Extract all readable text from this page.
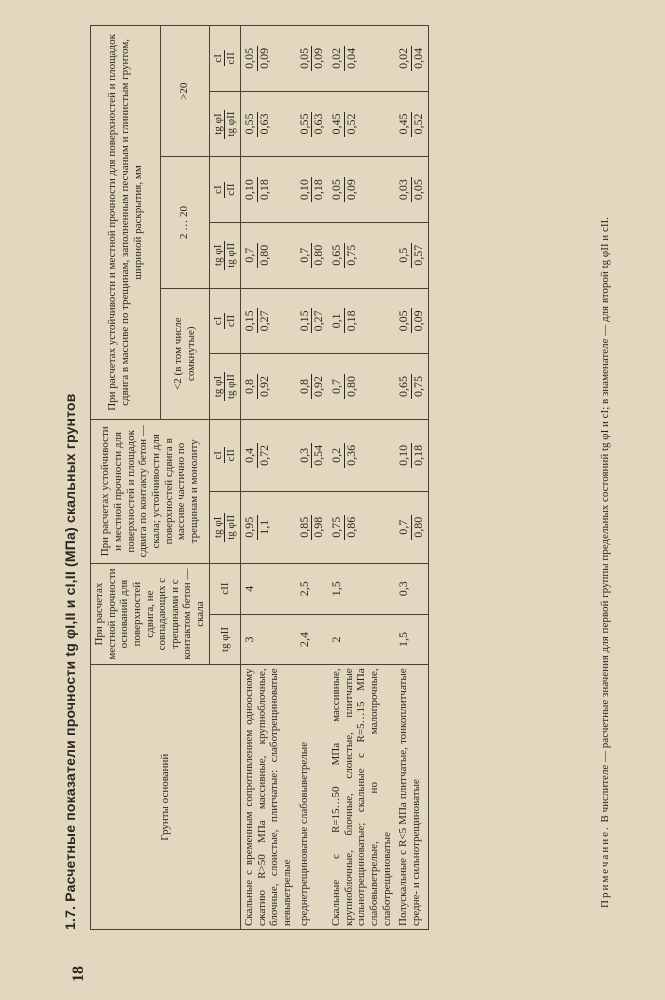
18
1.7. Расчетные показатели прочности tg φI,II и cI,II (МПа) скальных грунтов	Грунты оснований	При расчетах местной прочности оснований для поверхностей сдвига, не совпадающих с трещинами и с контактом бетон — скала		При расчетах устойчивости и местной прочности для поверхностей и площадок сдвига по контакту бетон — скала; устойчивости для поверхностей сдвига в массиве частично по трещинам и монолиту		При расчетах устойчивости и местной прочности для поверхностей и площадок сдвига в массиве по трещинам, заполненным песчаным и глинистым грунтом, шириной раскрытия, мм					
					<2 (в том числе сомкнутые)		2 … 20		>20	
	tg φII	cII	tg φI tg φII	cI cII	tg φI tg φII	cI cII	tg φI tg φII	cI cII	tg φI tg φII	cI cII

Скальные с временным сопротивлением одноосному сжатию R>50 МПа массивные, крупноблочные, блочные, слоистые, плитчатые: слаботрещиноватые невыветрелые	3	4	0,95 1,1	0,4 0,72	0,8 0,92	0,15 0,27	0,7 0,80	0,10 0,18	0,55 0,63	0,05 0,09

среднетрещиноватые слабовыветрелые	2,4	2,5	0,85 0,98	0,3 0,54	0,8 0,92	0,15 0,27	0,7 0,80	0,10 0,18	0,55 0,63	0,05 0,09

Скальные с R=15…50 МПа массивные, крупноблочные, блочные, слоистые, плитчатые сильнотрещиноватые; скальные с R=5…15 МПа слабовыветрелые, но малопрочные, слаботрещиноватые	2	1,5	0,75 0,86	0,2 0,36	0,7 0,80	0,1 0,18	0,65 0,75	0,05 0,09	0,45 0,52	0,02 0,04

Полускальные с R<5 МПа плитчатые, тонкоплитчатые средне- и сильнотрещиноватые	1,5	0,3	0,7 0,80	0,10 0,18	0,65 0,75	0,05 0,09	0,5 0,57	0,03 0,05	0,45 0,52	0,02 0,04
Примечание. В числителе — расчетные значения для первой группы предельных состояний tg φI и cI; в знаменателе — для второй tg φII и cII.
